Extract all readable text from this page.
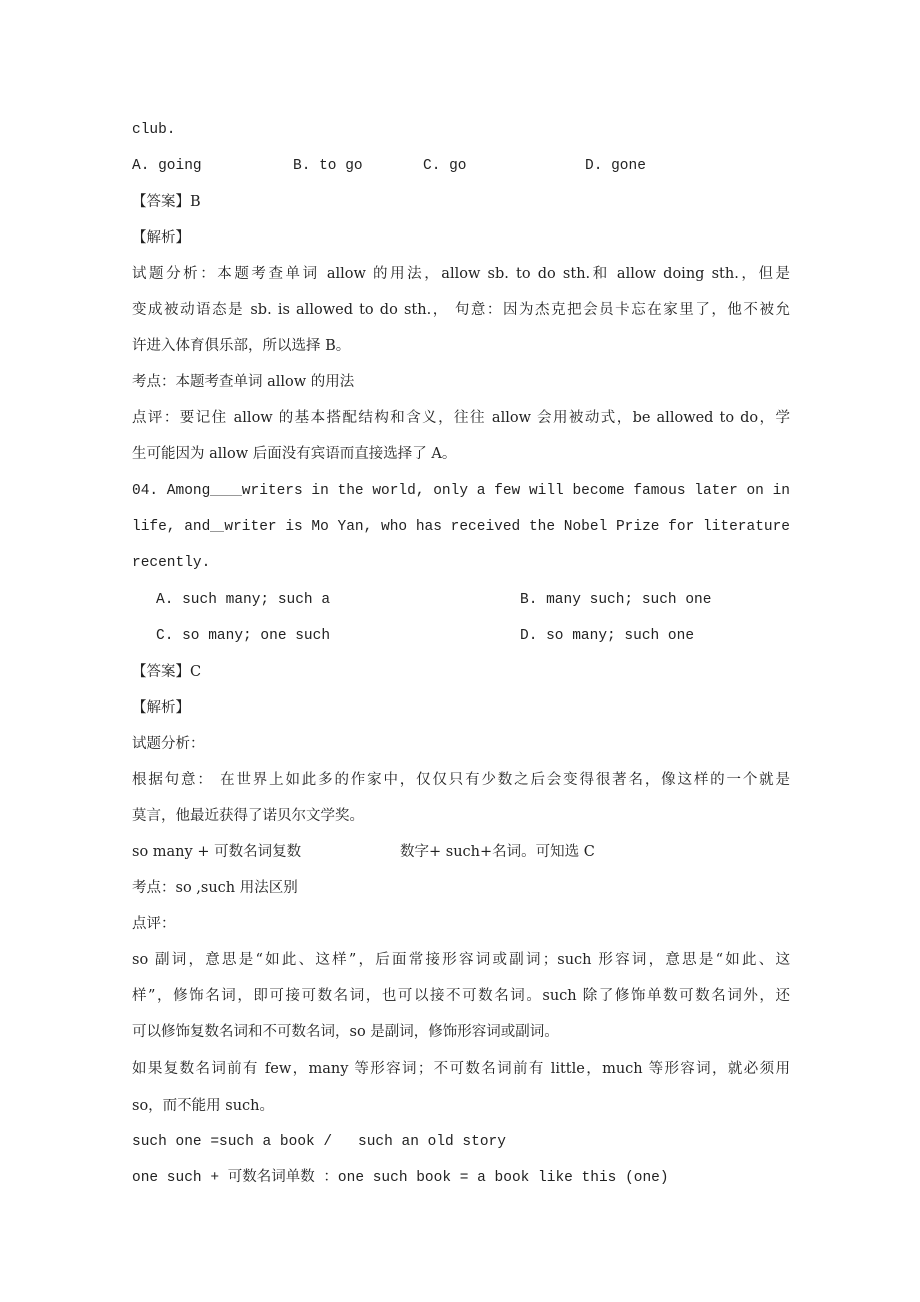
club.
A. going	B. to go	C. go	D. gone
【答案】B
【解析】
试题分析：本题考查单词 allow 的用法，allow sb. to do sth.和 allow doing sth.，但是
变成被动语态是 sb. is allowed to do sth.， 句意：因为杰克把会员卡忘在家里了，他不被允
许进入体育俱乐部，所以选择 B。
考点：本题考查单词 allow 的用法
点评：要记住 allow 的基本搭配结构和含义，往往 allow 会用被动式，be allowed to do，学
生可能因为 allow 后面没有宾语而直接选择了 A。
04. Among writers in the world, only a few will become famous later on in
life, and writer is Mo Yan, who has received the Nobel Prize for literature
recently.
A. such many; such a	B. many such; such one
C. so many; one such	D. so many; such one
【答案】C
【解析】
试题分析：
根据句意： 在世界上如此多的作家中，仅仅只有少数之后会变得很著名，像这样的一个就是
莫言，他最近获得了诺贝尔文学奖。
so many + 可数名词复数	数字+ such+名词。可知选 C
考点：so ,such 用法区别
点评：
so 副词，意思是“如此、这样”，后面常接形容词或副词；such 形容词，意思是“如此、这
样”，修饰名词，即可接可数名词，也可以接不可数名词。such 除了修饰单数可数名词外，还
可以修饰复数名词和不可数名词，so 是副词，修饰形容词或副词。
如果复数名词前有 few，many 等形容词；不可数名词前有 little，much 等形容词，就必须用
so，而不能用 such。
such one =such a book / such an old story
one such + 可数名词单数 ：one such book = a book like this (one)
